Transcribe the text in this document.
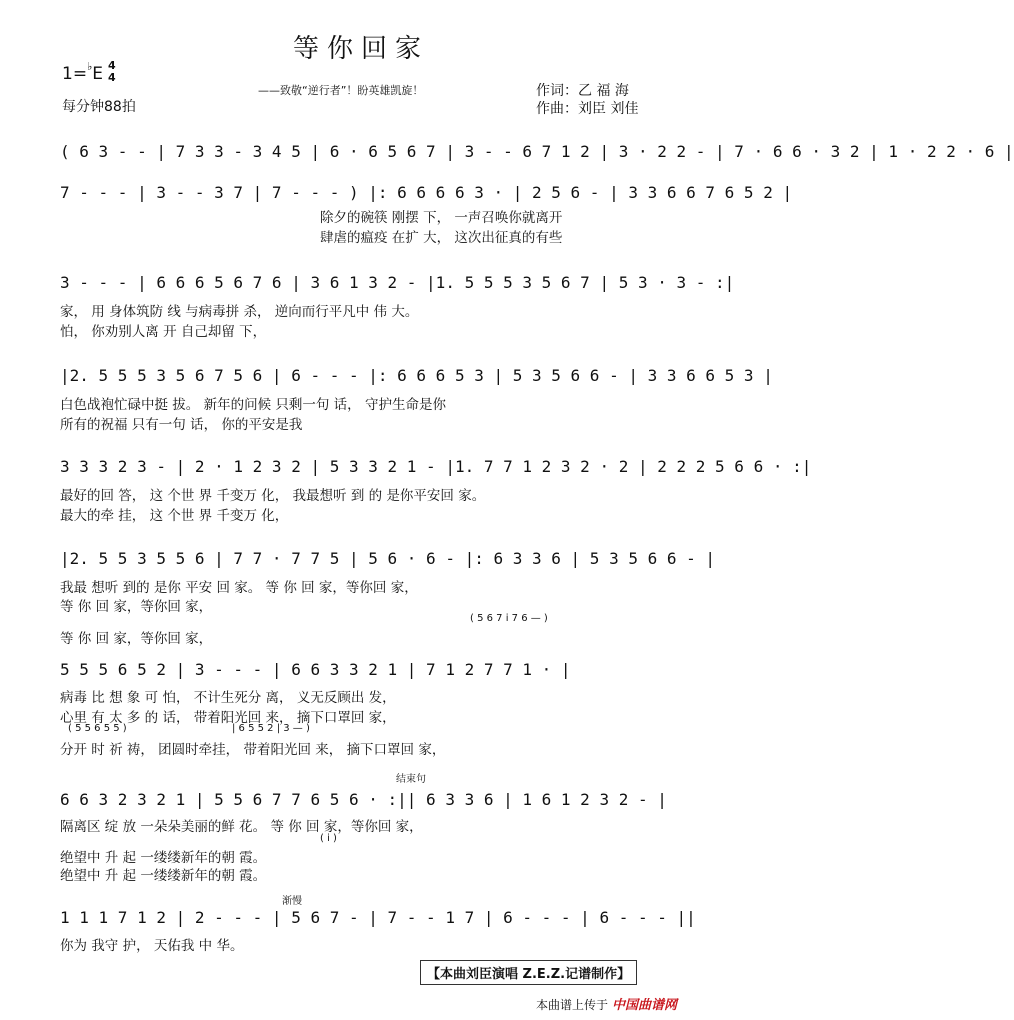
等你回家
——致敬“逆行者”！盼英雄凯旋！
1=♭E 4
4
每分钟88拍
作词：乙 福 海
作曲：刘臣 刘佳
( 6 3 - - | 7 3 3 - 3 4 5 | 6 · 6 5 6 7 | 3 - - 6 7 1 2 | 3 · 2 2 - | 7 · 6 6 · 3 2 | 1 · 2 2 · 6 |
7 - - - | 3 - - 3 7 | 7 - - - ) |: 6 6 6 6 3 · | 2 5 6 - | 3 3 6 6 7 6 5 2 |
除夕的碗筷 刚摆 下， 一声召唤你就离开
肆虐的瘟疫 在扩 大， 这次出征真的有些
3 - - - | 6 6 6 5 6 7 6 | 3 6 1 3 2 - |1. 5 5 5 3 5 6 7 | 5 3 · 3 - :|
家， 用 身体筑防 线 与病毒拼 杀， 逆向而行平凡中 伟 大。
怕， 你劝别人离 开 自己却留 下，
|2. 5 5 5 3 5 6 7 5 6 | 6 - - - |: 6 6 6 5 3 | 5 3 5 6 6 - | 3 3 6 6 5 3 |
白色战袍忙碌中挺 拔。 新年的问候 只剩一句 话， 守护生命是你
所有的祝福 只有一句 话， 你的平安是我
3 3 3 2 3 - | 2 · 1 2 3 2 | 5 3 3 2 1 - |1. 7 7 1 2 3 2 · 2 | 2 2 2 5 6 6 · :|
最好的回 答， 这 个世 界 千变万 化， 我最想听 到 的 是你平安回 家。
最大的牵 挂， 这 个世 界 千变万 化，
|2. 5 5 3 5 5 6 | 7 7 · 7 7 5 | 5 6 · 6 - |: 6 3 3 6 | 5 3 5 6 6 - |
我最 想听 到的 是你 平安 回 家。 等 你 回 家，等你回 家，
等 你 回 家，等你回 家，
( 5 6 7 i 7 6 — )
等 你 回 家，等你回 家，
5 5 5 6 5 2 | 3 - - - | 6 6 3 3 2 1 | 7 1 2 7 7 1 · |
病毒 比 想 象 可 怕， 不计生死分 离， 义无反顾出 发，
心里 有 太 多 的 话， 带着阳光回 来， 摘下口罩回 家，
( 5 5 6 5 5 )	| 6 5 5 2 | 3 — )
分开 时 祈 祷， 团圆时牵挂， 带着阳光回 来， 摘下口罩回 家，
结束句
6 6 3 2 3 2 1 | 5 5 6 7 7 6 5 6 · :|| 6 3 3 6 | 1 6 1 2 3 2 - |
隔离区 绽 放 一朵朵美丽的鲜 花。 等 你 回 家，等你回 家，
( i )
绝望中 升 起 一缕缕新年的朝 霞。
绝望中 升 起 一缕缕新年的朝 霞。
渐慢
1 1 1 7 1 2 | 2 - - - | 5 6 7 - | 7 - - 1 7 | 6 - - - | 6 - - - ||
你为 我守 护， 天佑我 中 华。
【本曲刘臣演唱 Z.E.Z.记谱制作】
本曲谱上传于 中国曲谱网
